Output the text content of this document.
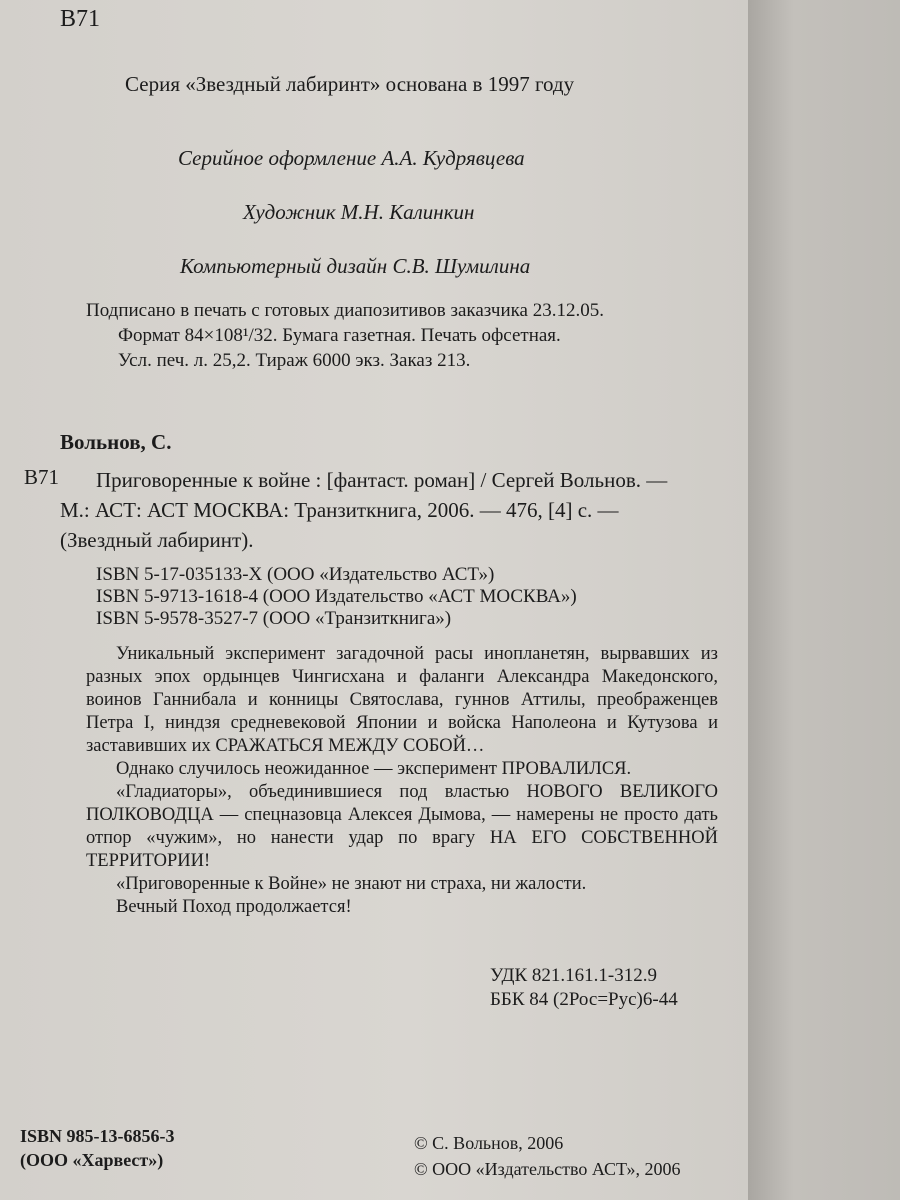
В71
Серия «Звездный лабиринт» основана в 1997 году
Серийное оформление А.А. Кудрявцева
Художник М.Н. Калинкин
Компьютерный дизайн С.В. Шумилина
Подписано в печать с готовых диапозитивов заказчика 23.12.05.
Формат 84×108¹/32. Бумага газетная. Печать офсетная.
Усл. печ. л. 25,2. Тираж 6000 экз. Заказ 213.
Вольнов, С.
В71 Приговоренные к войне : [фантаст. роман] / Сергей Вольнов. —
М.: АСТ: АСТ МОСКВА: Транзиткнига, 2006. — 476, [4] с. —
(Звездный лабиринт).
ISBN 5-17-035133-X (ООО «Издательство АСТ»)
ISBN 5-9713-1618-4 (ООО Издательство «АСТ МОСКВА»)
ISBN 5-9578-3527-7 (ООО «Транзиткнига»)

Уникальный эксперимент загадочной расы инопланетян, вырвавших из разных эпох ордынцев Чингисхана и фаланги Александра Македонского, воинов Ганнибала и конницы Святослава, гуннов Аттилы, преображенцев Петра I, ниндзя средневековой Японии и войска Наполеона и Кутузова и заставивших их СРАЖАТЬСЯ МЕЖДУ СОБОЙ…

Однако случилось неожиданное — эксперимент ПРОВАЛИЛСЯ.

«Гладиаторы», объединившиеся под властью НОВОГО ВЕЛИКОГО ПОЛКОВОДЦА — спецназовца Алексея Дымова, — намерены не просто дать отпор «чужим», но нанести удар по врагу НА ЕГО СОБСТВЕННОЙ ТЕРРИТОРИИ!

«Приговоренные к Войне» не знают ни страха, ни жалости.

Вечный Поход продолжается!

УДК 821.161.1-312.9
ББК 84 (2Рос=Рус)6-44
ISBN 985-13-6856-3
(ООО «Харвест»)
© С. Вольнов, 2006
© ООО «Издательство АСТ», 2006
